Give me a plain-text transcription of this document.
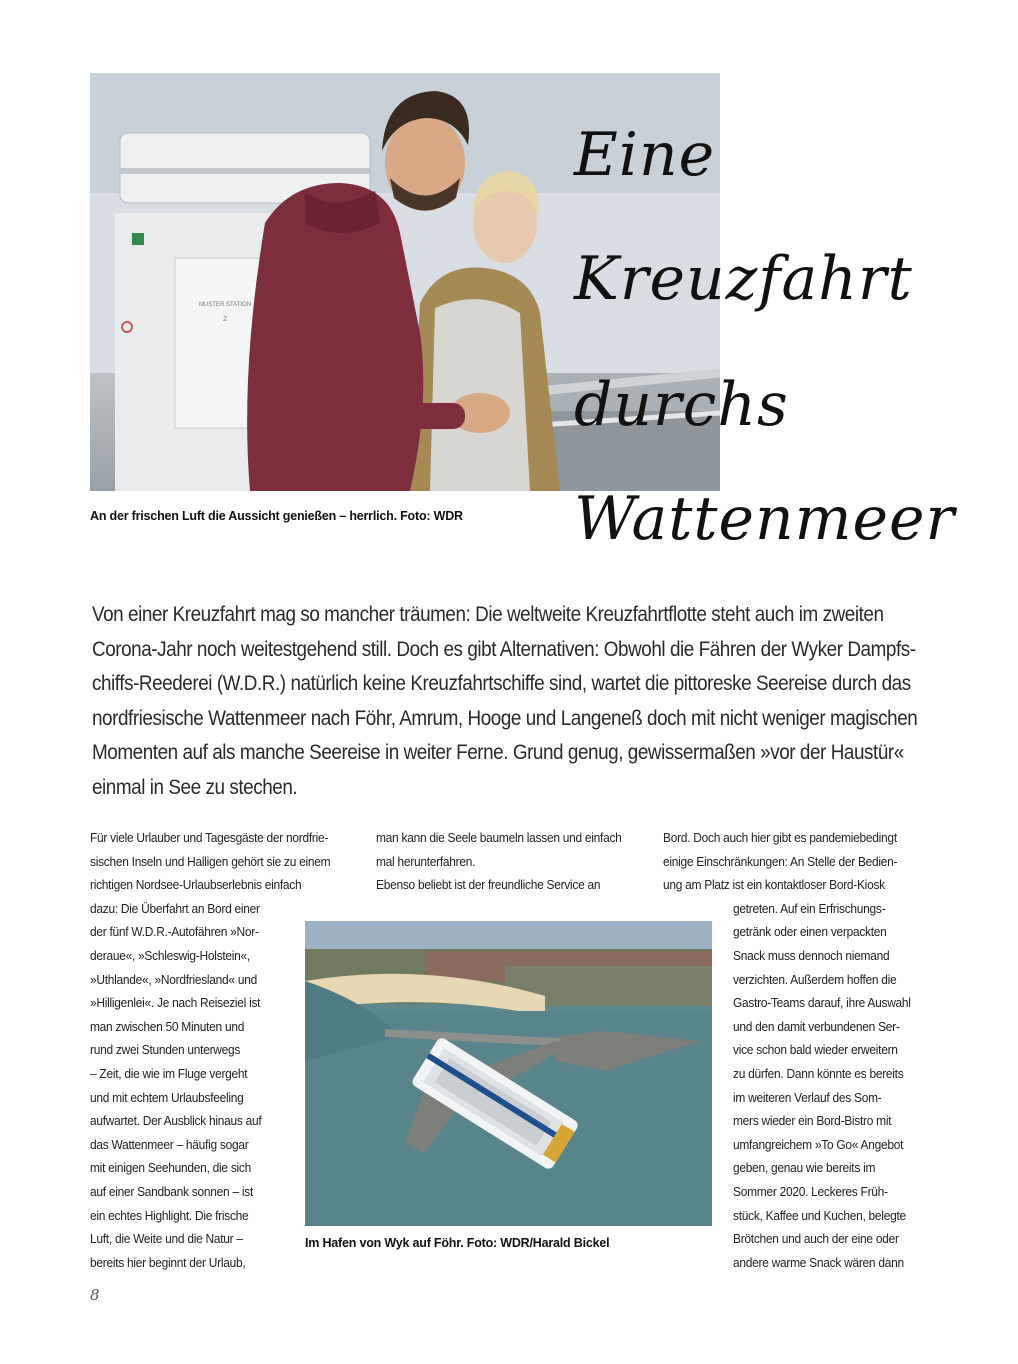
MUSTER STATION
2
An der frischen Luft die Aussicht genießen – herrlich. Foto: WDR
Eine
Kreuzfahrt
durchs
Wattenmeer
Von einer Kreuzfahrt mag so mancher träumen: Die weltweite Kreuzfahrtflotte steht auch im zweiten
Corona-Jahr noch weitestgehend still. Doch es gibt Alternativen: Obwohl die Fähren der Wyker Dampfs-
chiffs-Reederei (W.D.R.) natürlich keine Kreuzfahrtschiffe sind, wartet die pittoreske Seereise durch das
nordfriesische Wattenmeer nach Föhr, Amrum, Hooge und Langeneß doch mit nicht weniger magischen
Momenten auf als manche Seereise in weiter Ferne. Grund genug, gewissermaßen »vor der Haustür«
einmal in See zu stechen.
Für viele Urlauber und Tagesgäste der nordfrie-
sischen Inseln und Halligen gehört sie zu einem
richtigen Nordsee-Urlaubserlebnis einfach
dazu: Die Überfahrt an Bord einer
der fünf W.D.R.-Autofähren »Nor-
deraue«, »Schleswig-Holstein«,
»Uthlande«, »Nordfriesland« und
»Hilligenlei«. Je nach Reiseziel ist
man zwischen 50 Minuten und
rund zwei Stunden unterwegs
– Zeit, die wie im Fluge vergeht
und mit echtem Urlaubsfeeling
aufwartet. Der Ausblick hinaus auf
das Wattenmeer – häufig sogar
mit einigen Seehunden, die sich
auf einer Sandbank sonnen – ist
ein echtes Highlight. Die frische
Luft, die Weite und die Natur –
bereits hier beginnt der Urlaub,
man kann die Seele baumeln lassen und einfach
mal herunterfahren.
Ebenso beliebt ist der freundliche Service an
Bord. Doch auch hier gibt es pandemiebedingt
einige Einschränkungen: An Stelle der Bedien-
ung am Platz ist ein kontaktloser Bord-Kiosk
getreten. Auf ein Erfrischungs-
getränk oder einen verpackten
Snack muss dennoch niemand
verzichten. Außerdem hoffen die
Gastro-Teams darauf, ihre Auswahl
und den damit verbundenen Ser-
vice schon bald wieder erweitern
zu dürfen. Dann könnte es bereits
im weiteren Verlauf des Som-
mers wieder ein Bord-Bistro mit
umfangreichem »To Go« Angebot
geben, genau wie bereits im
Sommer 2020. Leckeres Früh-
stück, Kaffee und Kuchen, belegte
Brötchen und auch der eine oder
andere warme Snack wären dann
Im Hafen von Wyk auf Föhr. Foto: WDR/Harald Bickel
8
